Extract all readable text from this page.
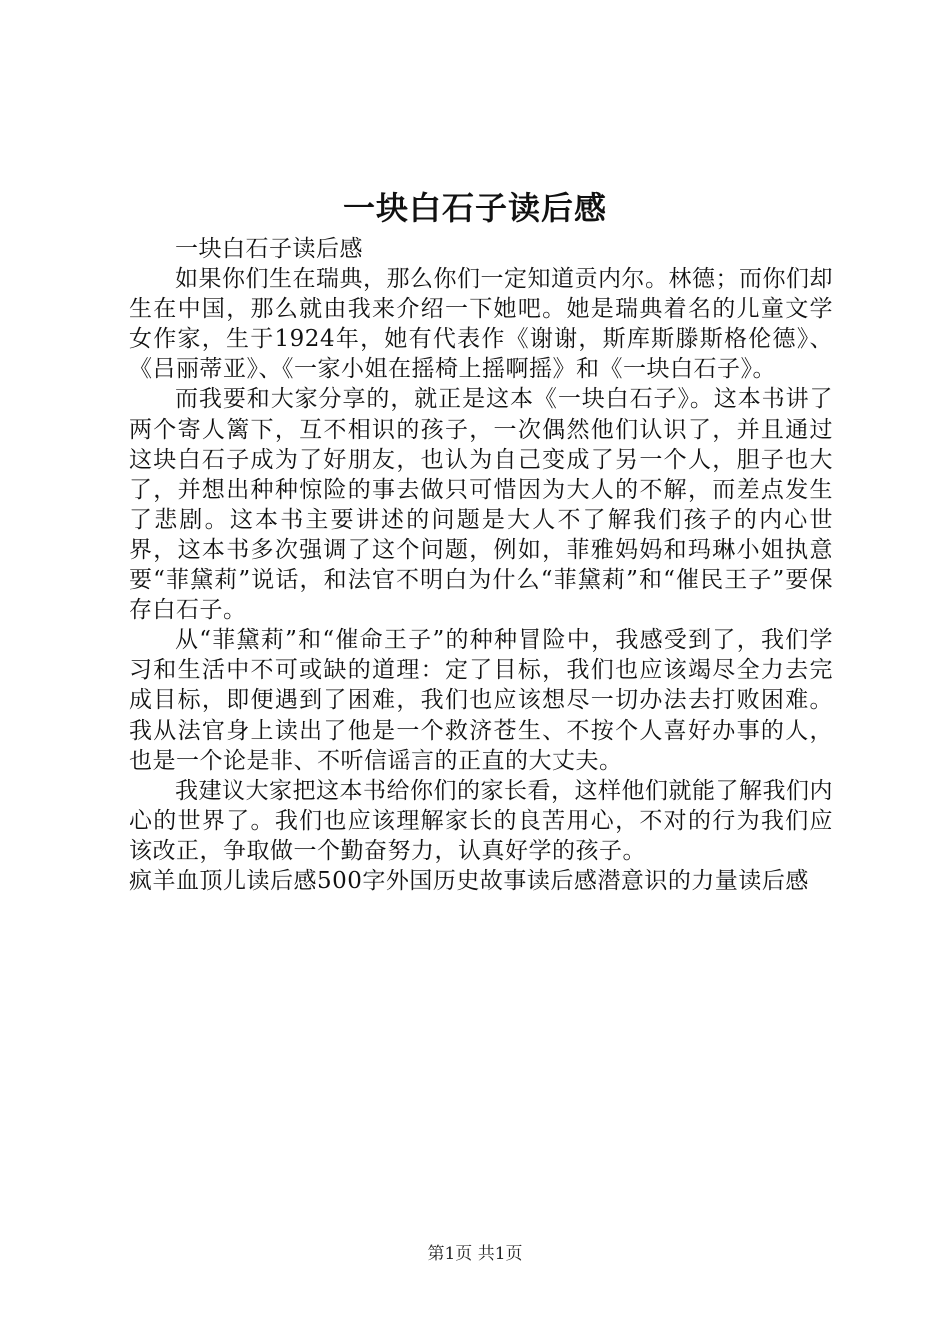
一块白石子读后感

一块白石子读后感

如果你们生在瑞典，那么你们一定知道贡内尔。林德；而你们却生在中国，那么就由我来介绍一下她吧。她是瑞典着名的儿童文学女作家，生于1924年，她有代表作《谢谢，斯库斯滕斯格伦德》、《吕丽蒂亚》、《一家小姐在摇椅上摇啊摇》和《一块白石子》。

而我要和大家分享的，就正是这本《一块白石子》。这本书讲了两个寄人篱下，互不相识的孩子，一次偶然他们认识了，并且通过这块白石子成为了好朋友，也认为自己变成了另一个人，胆子也大了，并想出种种惊险的事去做只可惜因为大人的不解，而差点发生了悲剧。这本书主要讲述的问题是大人不了解我们孩子的内心世界，这本书多次强调了这个问题，例如，菲雅妈妈和玛琳小姐执意要“菲黛莉”说话，和法官不明白为什么“菲黛莉”和“催民王子”要保存白石子。

从“菲黛莉”和“催命王子”的种种冒险中，我感受到了，我们学习和生活中不可或缺的道理：定了目标，我们也应该竭尽全力去完成目标，即便遇到了困难，我们也应该想尽一切办法去打败困难。我从法官身上读出了他是一个救济苍生、不按个人喜好办事的人，也是一个论是非、不听信谣言的正直的大丈夫。

我建议大家把这本书给你们的家长看，这样他们就能了解我们内心的世界了。我们也应该理解家长的良苦用心，不对的行为我们应该改正，争取做一个勤奋努力，认真好学的孩子。

疯羊血顶儿读后感500字外国历史故事读后感潜意识的力量读后感

第1页 共1页
